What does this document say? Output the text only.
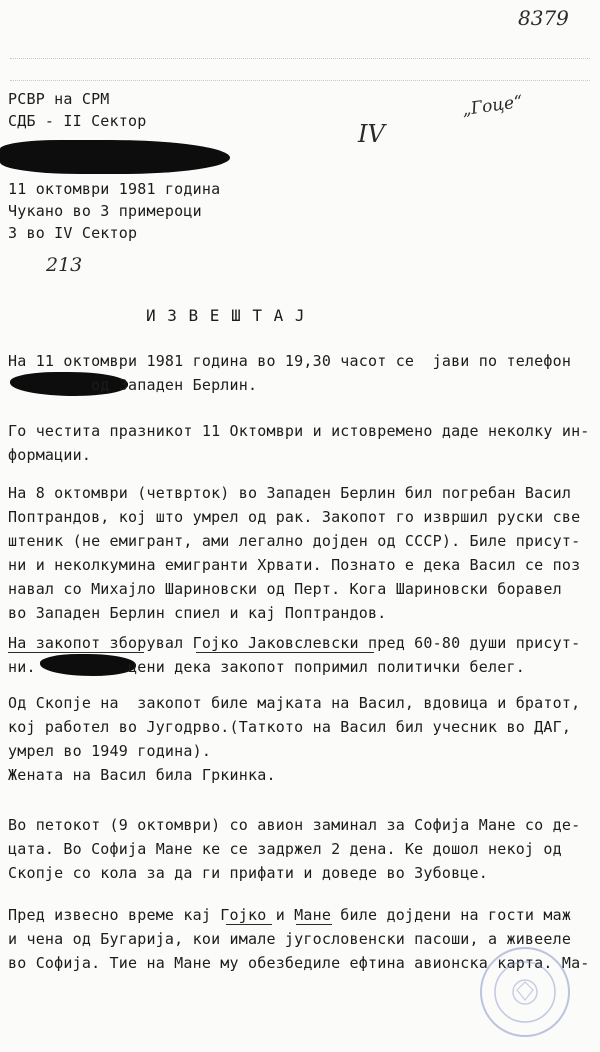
8379
IV
„Гоце“
213
РСВР на СРМ
СДБ - II Сектор
11 октомври 1981 година
Чукано во 3 примероци
3 во IV Сектор
И З В Е Ш Т А Ј
На 11 октомври 1981 година во 19,30 часот се  јави по телефон
од Западен Берлин.
Го честита празникот 11 Октомври и истовремено даде неколку ин-
формации.
На 8 октомври (четврток) во Западен Берлин бил погребан Васил
Поптрандов, кој што умрел од рак. Закопот го извршил руски све
штеник (не емигрант, ами легално дојден од СССР). Биле присут-
ни и неколкумина емигранти Хрвати. Познато е дека Васил се поз
навал со Михајло Шариновски од Перт. Кога Шариновски боравел
во Западен Берлин спиел и кај Поптрандов.
На закопот зборувал Гојко Јаковслевски пред 60-80 души присут-
ни.          цени дека закопот попримил политички белег.
Од Скопје на  закопот биле мајката на Васил, вдовица и братот,
кој работел во Југодрво.(Таткото на Васил бил учесник во ДАГ,
умрел во 1949 година).
Жената на Васил била Гркинка.
Во петокот (9 октомври) со авион заминал за Софија Мане со де-
цата. Во Софија Мане ке се задржел 2 дена. Ке дошол некој од
Скопје со кола за да ги прифати и доведе во Зубовце.
Пред извесно време кај Гојко и Мане биле дојдени на гости маж
и чена од Бугарија, кои имале југословенски пасоши, а живееле
во Софија. Тие на Мане му обезбедиле ефтина авионска карта. Ма-
